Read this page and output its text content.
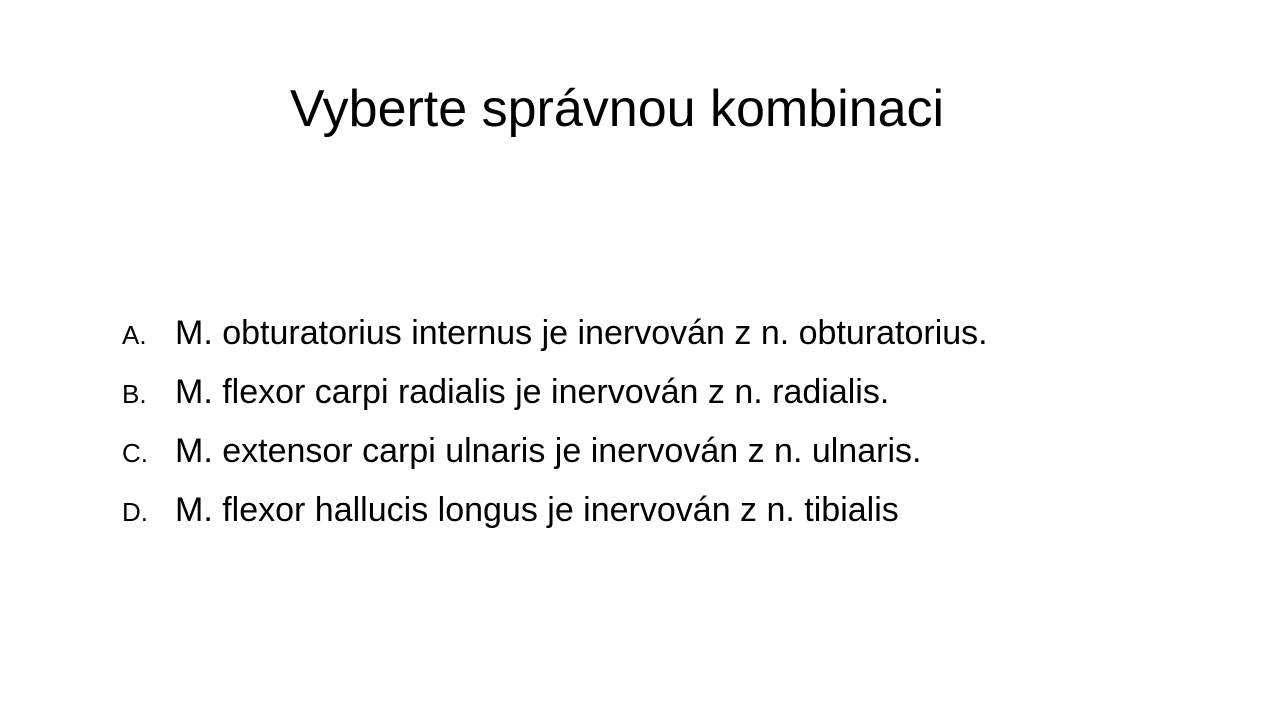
Vyberte správnou kombinaci
A. M. obturatorius internus je inervován z n. obturatorius.
B. M. flexor carpi radialis je inervován z n. radialis.
C. M. extensor carpi ulnaris je inervován z n. ulnaris.
D. M. flexor hallucis longus je inervován z n. tibialis
